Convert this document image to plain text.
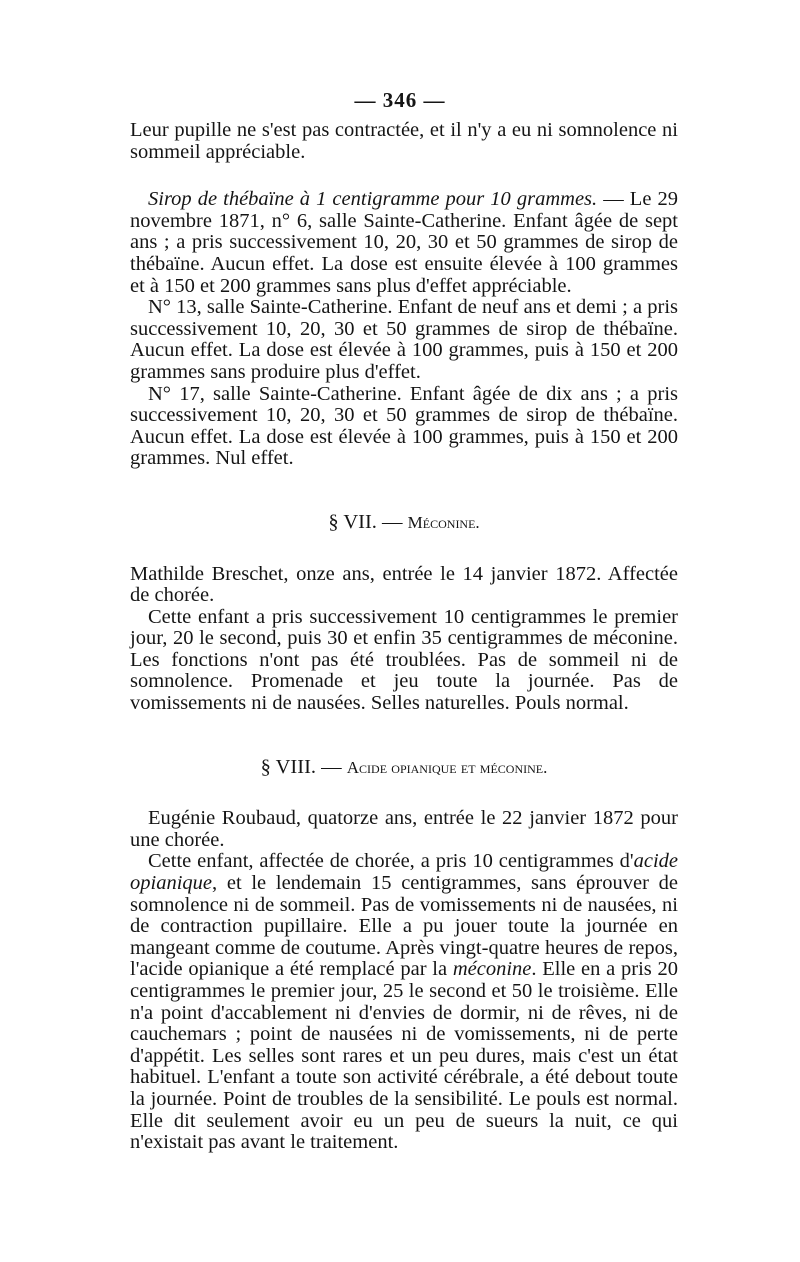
— 346 —

Leur pupille ne s'est pas contractée, et il n'y a eu ni somnolence ni sommeil appréciable.

Sirop de thébaïne à 1 centigramme pour 10 grammes. — Le 29 novembre 1871, n° 6, salle Sainte-Catherine. Enfant âgée de sept ans ; a pris successivement 10, 20, 30 et 50 grammes de sirop de thébaïne. Aucun effet. La dose est ensuite élevée à 100 grammes et à 150 et 200 grammes sans plus d'effet appréciable.

N° 13, salle Sainte-Catherine. Enfant de neuf ans et demi ; a pris successivement 10, 20, 30 et 50 grammes de sirop de thébaïne. Aucun effet. La dose est élevée à 100 grammes, puis à 150 et 200 grammes sans produire plus d'effet.

N° 17, salle Sainte-Catherine. Enfant âgée de dix ans ; a pris successivement 10, 20, 30 et 50 grammes de sirop de thébaïne. Aucun effet. La dose est élevée à 100 grammes, puis à 150 et 200 grammes. Nul effet.

§ VII. — Méconine.

Mathilde Breschet, onze ans, entrée le 14 janvier 1872. Affectée de chorée.

Cette enfant a pris successivement 10 centigrammes le premier jour, 20 le second, puis 30 et enfin 35 centigrammes de méconine. Les fonctions n'ont pas été troublées. Pas de sommeil ni de somnolence. Promenade et jeu toute la journée. Pas de vomissements ni de nausées. Selles naturelles. Pouls normal.

§ VIII. — Acide opianique et méconine.

Eugénie Roubaud, quatorze ans, entrée le 22 janvier 1872 pour une chorée.

Cette enfant, affectée de chorée, a pris 10 centigrammes d'acide opianique, et le lendemain 15 centigrammes, sans éprouver de somnolence ni de sommeil. Pas de vomissements ni de nausées, ni de contraction pupillaire. Elle a pu jouer toute la journée en mangeant comme de coutume. Après vingt-quatre heures de repos, l'acide opianique a été remplacé par la méconine. Elle en a pris 20 centigrammes le premier jour, 25 le second et 50 le troisième. Elle n'a point d'accablement ni d'envies de dormir, ni de rêves, ni de cauchemars ; point de nausées ni de vomissements, ni de perte d'appétit. Les selles sont rares et un peu dures, mais c'est un état habituel. L'enfant a toute son activité cérébrale, a été debout toute la journée. Point de troubles de la sensibilité. Le pouls est normal. Elle dit seulement avoir eu un peu de sueurs la nuit, ce qui n'existait pas avant le traitement.
